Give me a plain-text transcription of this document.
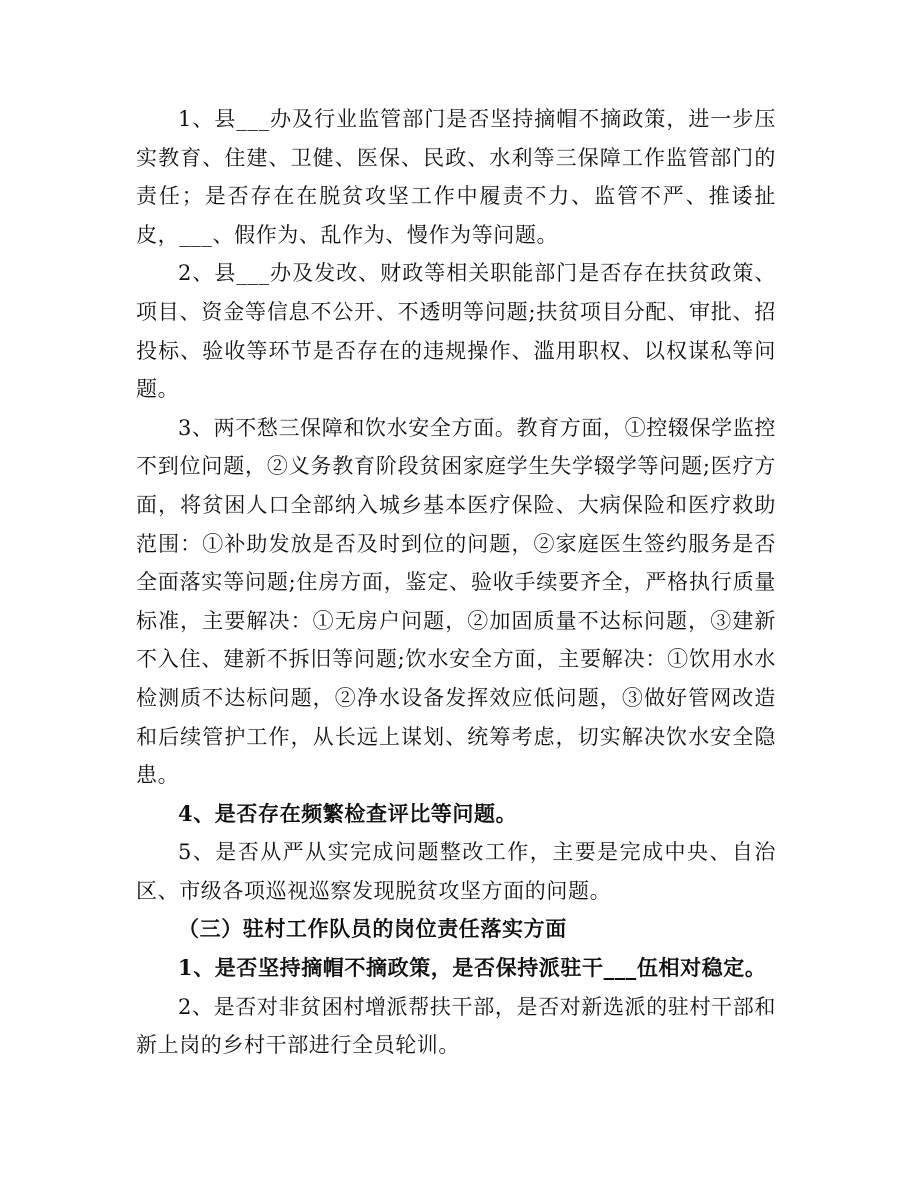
1、县___办及行业监管部门是否坚持摘帽不摘政策，进一步压实教育、住建、卫健、医保、民政、水利等三保障工作监管部门的责任；是否存在在脱贫攻坚工作中履责不力、监管不严、推诿扯皮，___、假作为、乱作为、慢作为等问题。

2、县___办及发改、财政等相关职能部门是否存在扶贫政策、项目、资金等信息不公开、不透明等问题;扶贫项目分配、审批、招投标、验收等环节是否存在的违规操作、滥用职权、以权谋私等问题。

3、两不愁三保障和饮水安全方面。教育方面，①控辍保学监控不到位问题，②义务教育阶段贫困家庭学生失学辍学等问题;医疗方面，将贫困人口全部纳入城乡基本医疗保险、大病保险和医疗救助范围：①补助发放是否及时到位的问题，②家庭医生签约服务是否全面落实等问题;住房方面，鉴定、验收手续要齐全，严格执行质量标准，主要解决：①无房户问题，②加固质量不达标问题，③建新不入住、建新不拆旧等问题;饮水安全方面，主要解决：①饮用水水检测质不达标问题，②净水设备发挥效应低问题，③做好管网改造和后续管护工作，从长远上谋划、统筹考虑，切实解决饮水安全隐患。

4、是否存在频繁检查评比等问题。

5、是否从严从实完成问题整改工作，主要是完成中央、自治区、市级各项巡视巡察发现脱贫攻坚方面的问题。

（三）驻村工作队员的岗位责任落实方面

1、是否坚持摘帽不摘政策，是否保持派驻干___伍相对稳定。

2、是否对非贫困村增派帮扶干部，是否对新选派的驻村干部和新上岗的乡村干部进行全员轮训。
